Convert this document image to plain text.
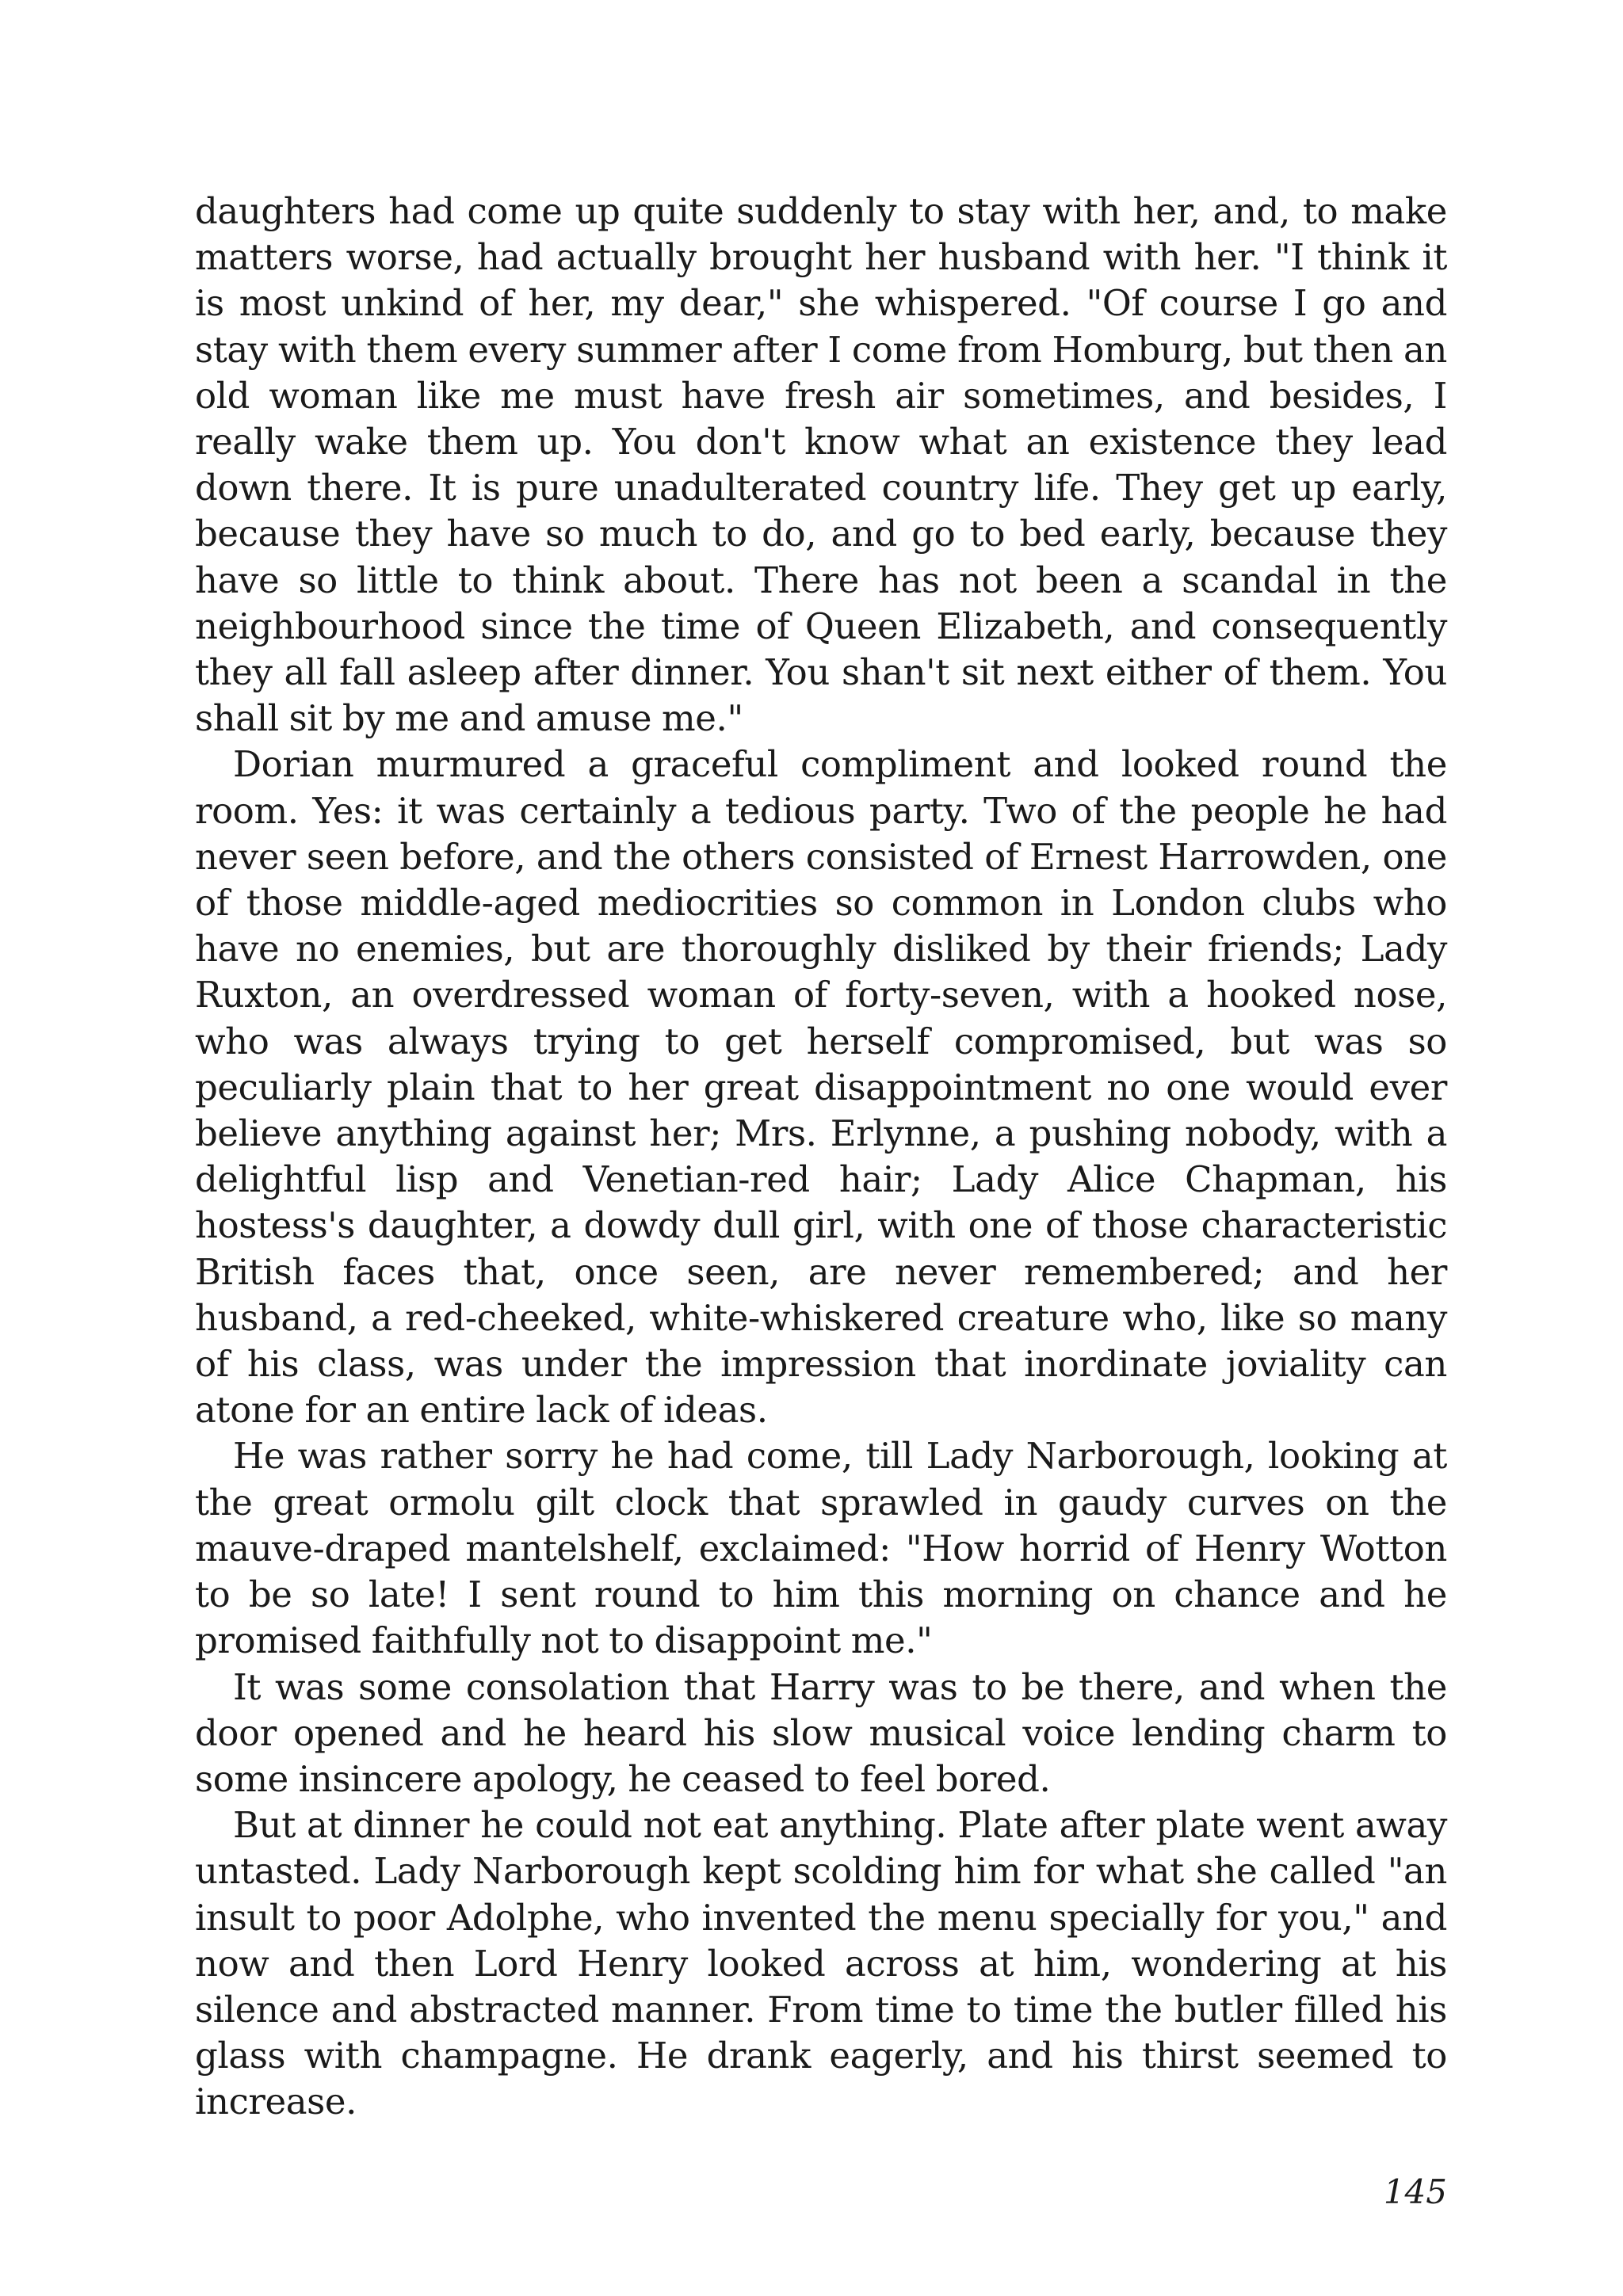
daughters had come up quite suddenly to stay with her, and, to make matters worse, had actually brought her husband with her. "I think it is most unkind of her, my dear," she whispered. "Of course I go and stay with them every summer after I come from Homburg, but then an old woman like me must have fresh air sometimes, and besides, I really wake them up. You don't know what an existence they lead down there. It is pure unadulterated country life. They get up early, because they have so much to do, and go to bed early, because they have so little to think about. There has not been a scandal in the neighbourhood since the time of Queen Elizabeth, and consequently they all fall asleep after dinner. You shan't sit next either of them. You shall sit by me and amuse me."

Dorian murmured a graceful compliment and looked round the room. Yes: it was certainly a tedious party. Two of the people he had never seen before, and the others consisted of Ernest Harrowden, one of those middle-aged mediocrities so common in London clubs who have no enemies, but are thoroughly disliked by their friends; Lady Ruxton, an overdressed woman of forty-seven, with a hooked nose, who was always trying to get herself compromised, but was so peculiarly plain that to her great disappointment no one would ever believe anything against her; Mrs. Erlynne, a pushing nobody, with a delightful lisp and Venetian-red hair; Lady Alice Chapman, his hostess's daughter, a dowdy dull girl, with one of those characteristic British faces that, once seen, are never remembered; and her husband, a red-cheeked, white-whiskered creature who, like so many of his class, was under the impression that inordinate joviality can atone for an entire lack of ideas.

He was rather sorry he had come, till Lady Narborough, looking at the great ormolu gilt clock that sprawled in gaudy curves on the mauve-draped mantelshelf, exclaimed: "How horrid of Henry Wotton to be so late! I sent round to him this morning on chance and he promised faithfully not to disappoint me."

It was some consolation that Harry was to be there, and when the door opened and he heard his slow musical voice lending charm to some insincere apology, he ceased to feel bored.

But at dinner he could not eat anything. Plate after plate went away untasted. Lady Narborough kept scolding him for what she called "an insult to poor Adolphe, who invented the menu specially for you," and now and then Lord Henry looked across at him, wondering at his silence and abstracted manner. From time to time the butler filled his glass with champagne. He drank eagerly, and his thirst seemed to increase.

145
